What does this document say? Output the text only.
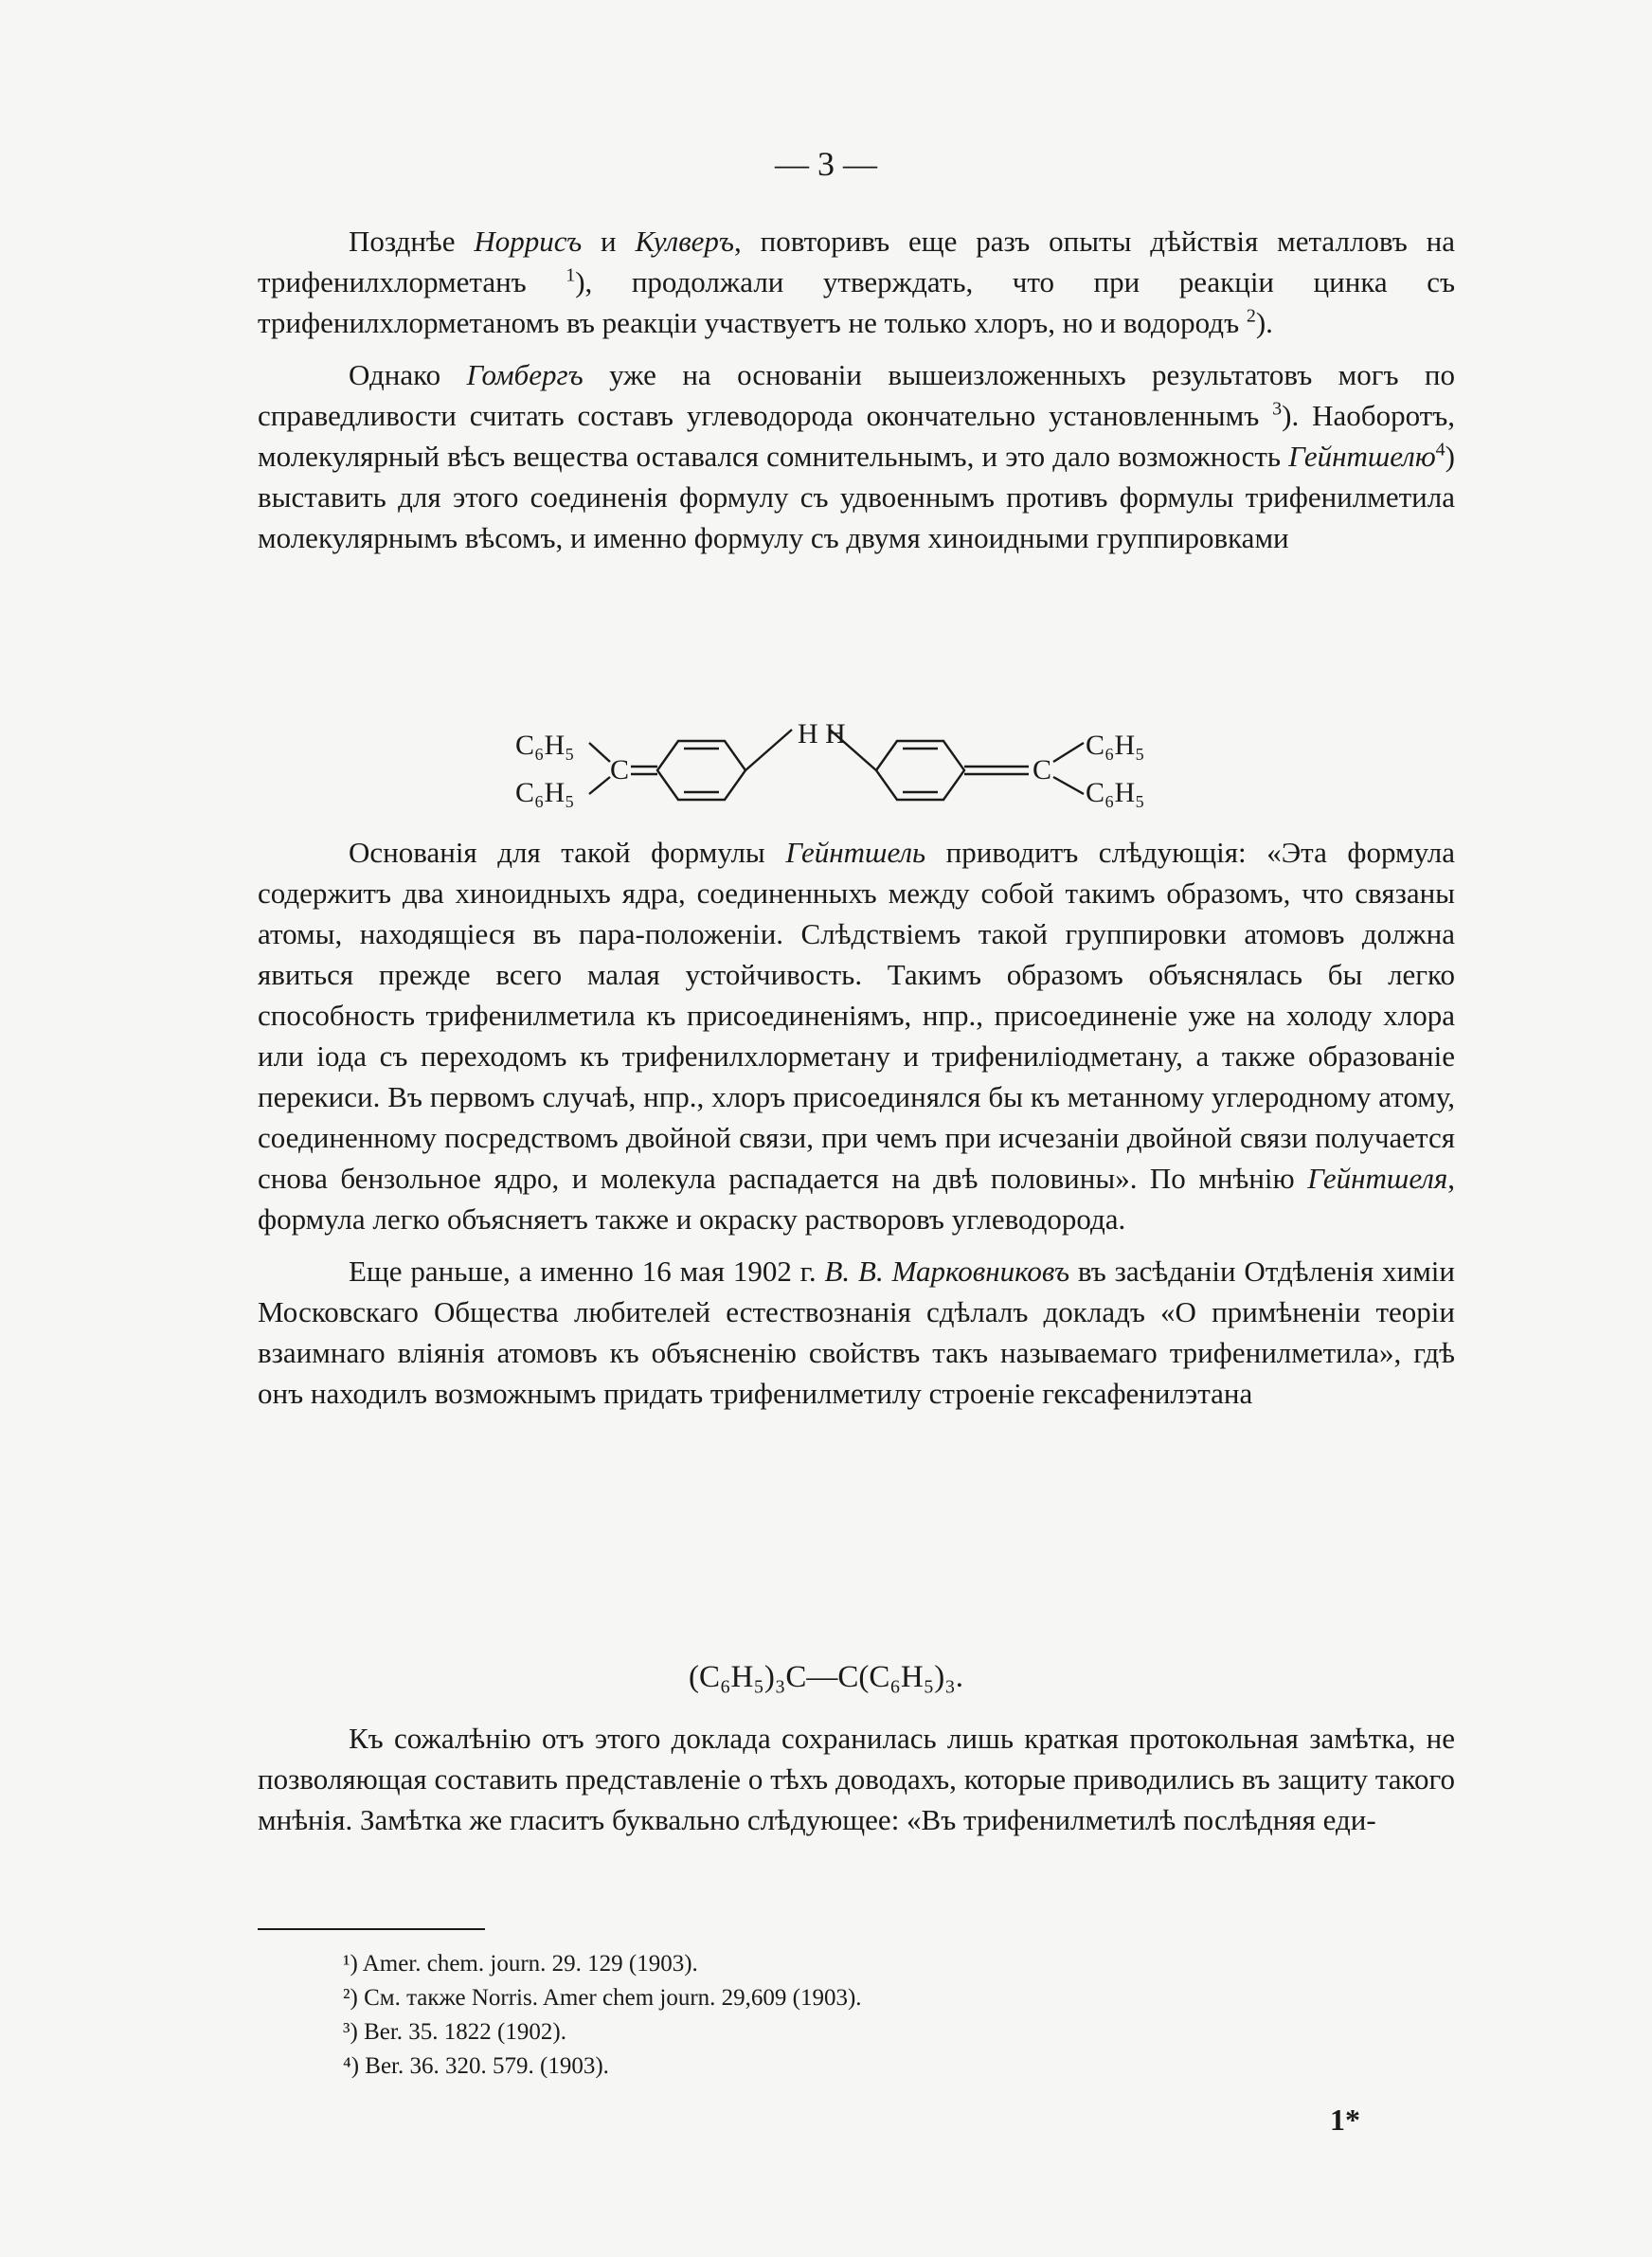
— 3 —

Позднѣе Норрисъ и Кулверъ, повторивъ еще разъ опыты дѣйствія металловъ на трифенилхлорметанъ $^1$), продолжали утверждать, что при реакціи цинка съ трифенилхлорметаномъ въ реакціи участвуетъ не только хлоръ, но и водородъ $^2$).

Однако Гомбергъ уже на основаніи вышеизложенныхъ результатовъ могъ по справедливости считать составъ углеводорода окончательно установленнымъ $^3$). Наоборотъ, молекулярный вѣсъ вещества оставался сомнительнымъ, и это дало возможность Гейнтшелю$^4$) выставить для этого соединенія формулу съ удвоеннымъ противъ формулы трифенилметила молекулярнымъ вѣсомъ, и именно формулу съ двумя хиноидными группировками

C₆H₅
C₆H₅
C
H H
C
C₆H₅
C₆H₅

Основанія для такой формулы Гейнтшель приводитъ слѣдующія: «Эта формула содержитъ два хиноидныхъ ядра, соединенныхъ между собой такимъ образомъ, что связаны атомы, находящіеся въ пара-положеніи. Слѣдствіемъ такой группировки атомовъ должна явиться прежде всего малая устойчивость. Такимъ образомъ объяснялась бы легко способность трифенилметила къ присоединеніямъ, нпр., присоединеніе уже на холоду хлора или іода съ переходомъ къ трифенилхлорметану и трифенилiодметану, а также образованіе перекиси. Въ первомъ случаѣ, нпр., хлоръ присоединялся бы къ метанному углеродному атому, соединенному посредствомъ двойной связи, при чемъ при исчезаніи двойной связи получается снова бензольное ядро, и молекула распадается на двѣ половины». По мнѣнію Гейнтшеля, формула легко объясняетъ также и окраску растворовъ углеводорода.

Еще раньше, а именно 16 мая 1902 г. В. В. Марковниковъ въ засѣданіи Отдѣленія химіи Московскаго Общества любителей естествознанія сдѣлалъ докладъ «О примѣненіи теоріи взаимнаго вліянія атомовъ къ объясненію свойствъ такъ называемаго трифенилметила», гдѣ онъ находилъ возможнымъ придать трифенилметилу строеніе гексафенилэтана

(C₆H₅)₃C—C(C₆H₅)₃.

Къ сожалѣнію отъ этого доклада сохранилась лишь краткая протокольная замѣтка, не позволяющая составить представленіе о тѣхъ доводахъ, которые приводились въ защиту такого мнѣнія. Замѣтка же гласитъ буквально слѣдующее: «Въ трифенилметилѣ послѣдняя еди-

¹) Amer. chem. journ. 29. 129 (1903).
²) См. также Norris. Amer chem journ. 29,609 (1903).
³) Ber. 35. 1822 (1902).
⁴) Ber. 36. 320. 579. (1903).
1*
